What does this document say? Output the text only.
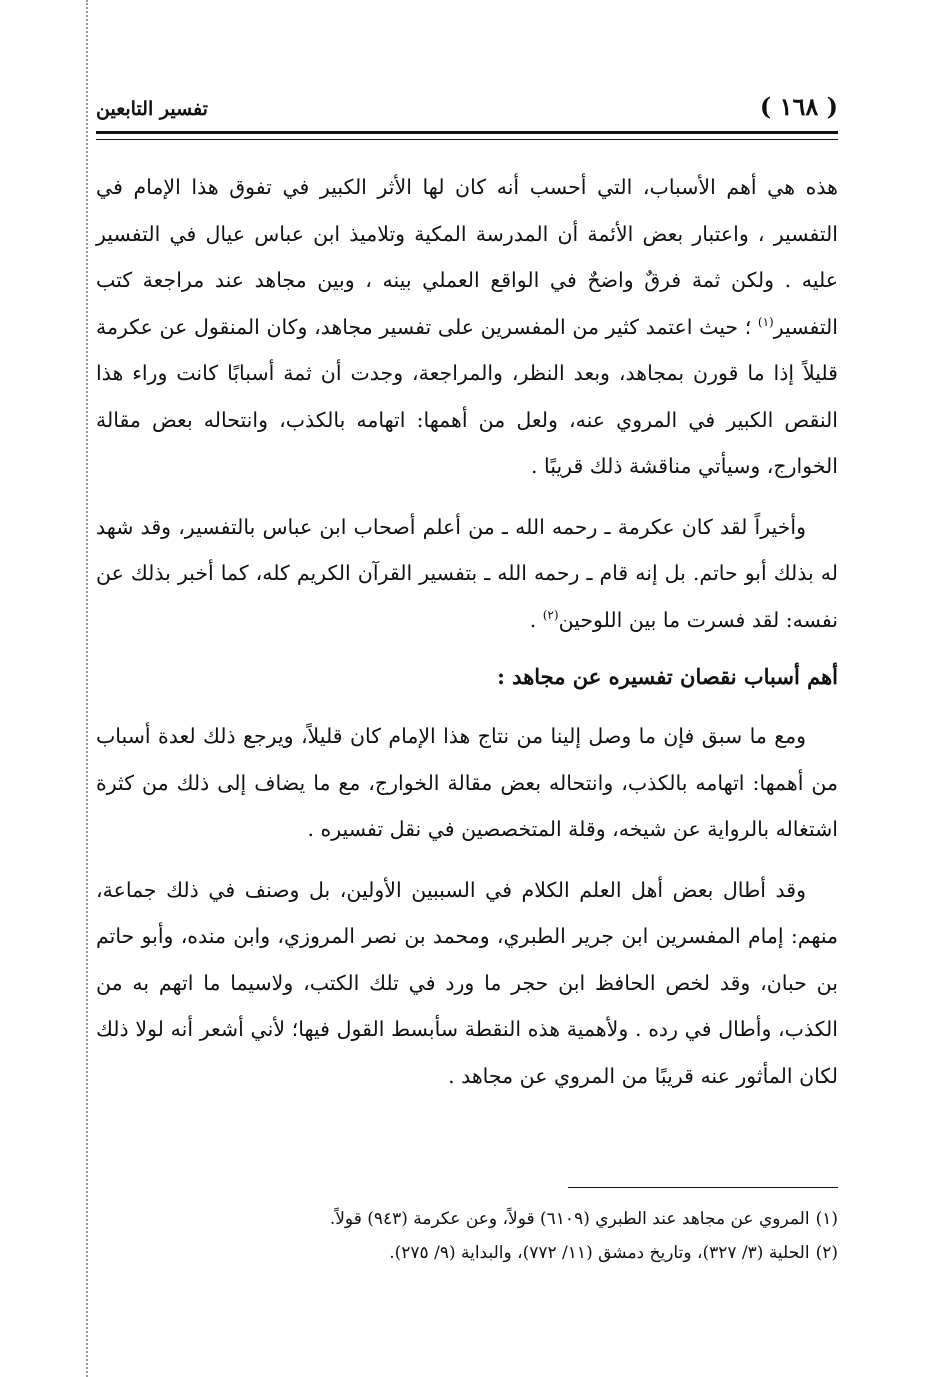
( ١٦٨ )
تفسير التابعين

هذه هي أهم الأسباب، التي أحسب أنه كان لها الأثر الكبير في تفوق هذا الإمام في التفسير ، واعتبار بعض الأئمة أن المدرسة المكية وتلاميذ ابن عباس عيال في التفسير عليه . ولكن ثمة فرقٌ واضحٌ في الواقع العملي بينه ، وبين مجاهد عند مراجعة كتب التفسير$^{(١)}$ ؛ حيث اعتمد كثير من المفسرين على تفسير مجاهد، وكان المنقول عن عكرمة قليلاً إذا ما قورن بمجاهد، وبعد النظر، والمراجعة، وجدت أن ثمة أسبابًا كانت وراء هذا النقص الكبير في المروي عنه، ولعل من أهمها: اتهامه بالكذب، وانتحاله بعض مقالة الخوارج، وسيأتي مناقشة ذلك قريبًا .

وأخيراً لقد كان عكرمة ـ رحمه الله ـ من أعلم أصحاب ابن عباس بالتفسير، وقد شهد له بذلك أبو حاتم. بل إنه قام ـ رحمه الله ـ بتفسير القرآن الكريم كله، كما أخبر بذلك عن نفسه: لقد فسرت ما بين اللوحين$^{(٢)}$ .

أهم أسباب نقصان تفسيره عن مجاهد :

ومع ما سبق فإن ما وصل إلينا من نتاج هذا الإمام كان قليلاً، ويرجع ذلك لعدة أسباب من أهمها: اتهامه بالكذب، وانتحاله بعض مقالة الخوارج، مع ما يضاف إلى ذلك من كثرة اشتغاله بالرواية عن شيخه، وقلة المتخصصين في نقل تفسيره .

وقد أطال بعض أهل العلم الكلام في السببين الأولين، بل وصنف في ذلك جماعة، منهم: إمام المفسرين ابن جرير الطبري، ومحمد بن نصر المروزي، وابن منده، وأبو حاتم بن حبان، وقد لخص الحافظ ابن حجر ما ورد في تلك الكتب، ولاسيما ما اتهم به من الكذب، وأطال في رده . ولأهمية هذه النقطة سأبسط القول فيها؛ لأني أشعر أنه لولا ذلك لكان المأثور عنه قريبًا من المروي عن مجاهد .

(١)المروي عن مجاهد عند الطبري (٦١٠٩) قولاً، وعن عكرمة (٩٤٣) قولاً.

(٢)الحلية (٣/ ٣٢٧)، وتاريخ دمشق (١١/ ٧٧٢)، والبداية (٩/ ٢٧٥).
